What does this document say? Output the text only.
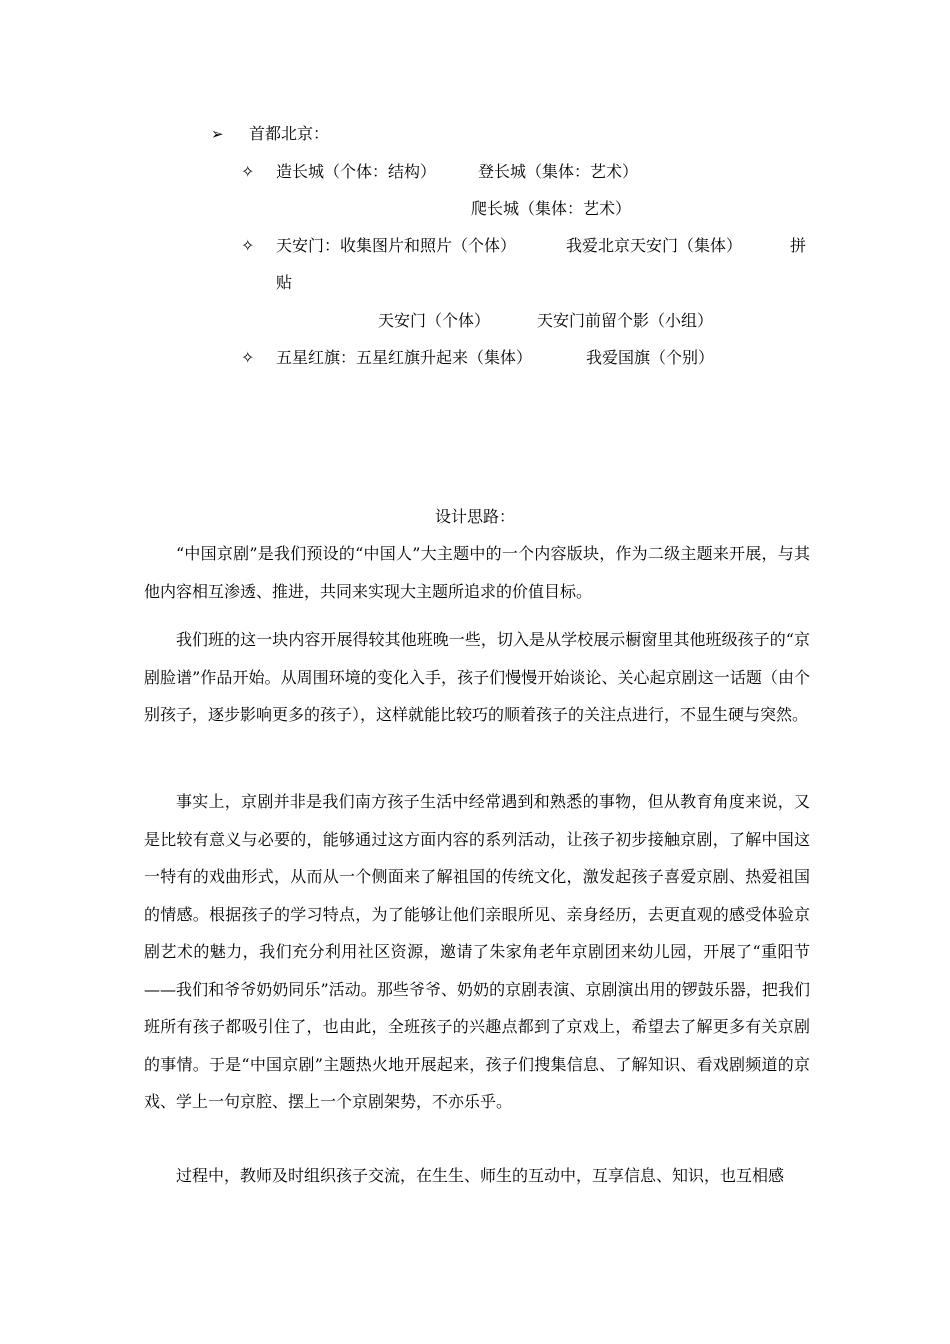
➢ 首都北京：
✧ 造长城（个体：结构）	登长城（集体：艺术）
爬长城（集体：艺术）
✧ 天安门：收集图片和照片（个体）	我爱北京天安门（集体）	拼
贴
天安门（个体）	天安门前留个影（小组）
✧ 五星红旗：五星红旗升起来（集体）	我爱国旗（个别）
设计思路：

“中国京剧”是我们预设的“中国人”大主题中的一个内容版块，作为二级主题来开展，与其他内容相互渗透、推进，共同来实现大主题所追求的价值目标。

我们班的这一块内容开展得较其他班晚一些，切入是从学校展示橱窗里其他班级孩子的“京剧脸谱”作品开始。从周围环境的变化入手，孩子们慢慢开始谈论、关心起京剧这一话题（由个别孩子，逐步影响更多的孩子），这样就能比较巧的顺着孩子的关注点进行，不显生硬与突然。

事实上，京剧并非是我们南方孩子生活中经常遇到和熟悉的事物，但从教育角度来说，又是比较有意义与必要的，能够通过这方面内容的系列活动，让孩子初步接触京剧，了解中国这一特有的戏曲形式，从而从一个侧面来了解祖国的传统文化，激发起孩子喜爱京剧、热爱祖国的情感。根据孩子的学习特点，为了能够让他们亲眼所见、亲身经历，去更直观的感受体验京剧艺术的魅力，我们充分利用社区资源，邀请了朱家角老年京剧团来幼儿园，开展了“重阳节——我们和爷爷奶奶同乐”活动。那些爷爷、奶奶的京剧表演、京剧演出用的锣鼓乐器，把我们班所有孩子都吸引住了，也由此，全班孩子的兴趣点都到了京戏上，希望去了解更多有关京剧的事情。于是“中国京剧”主题热火地开展起来，孩子们搜集信息、了解知识、看戏剧频道的京戏、学上一句京腔、摆上一个京剧架势，不亦乐乎。

过程中，教师及时组织孩子交流，在生生、师生的互动中，互享信息、知识，也互相感
